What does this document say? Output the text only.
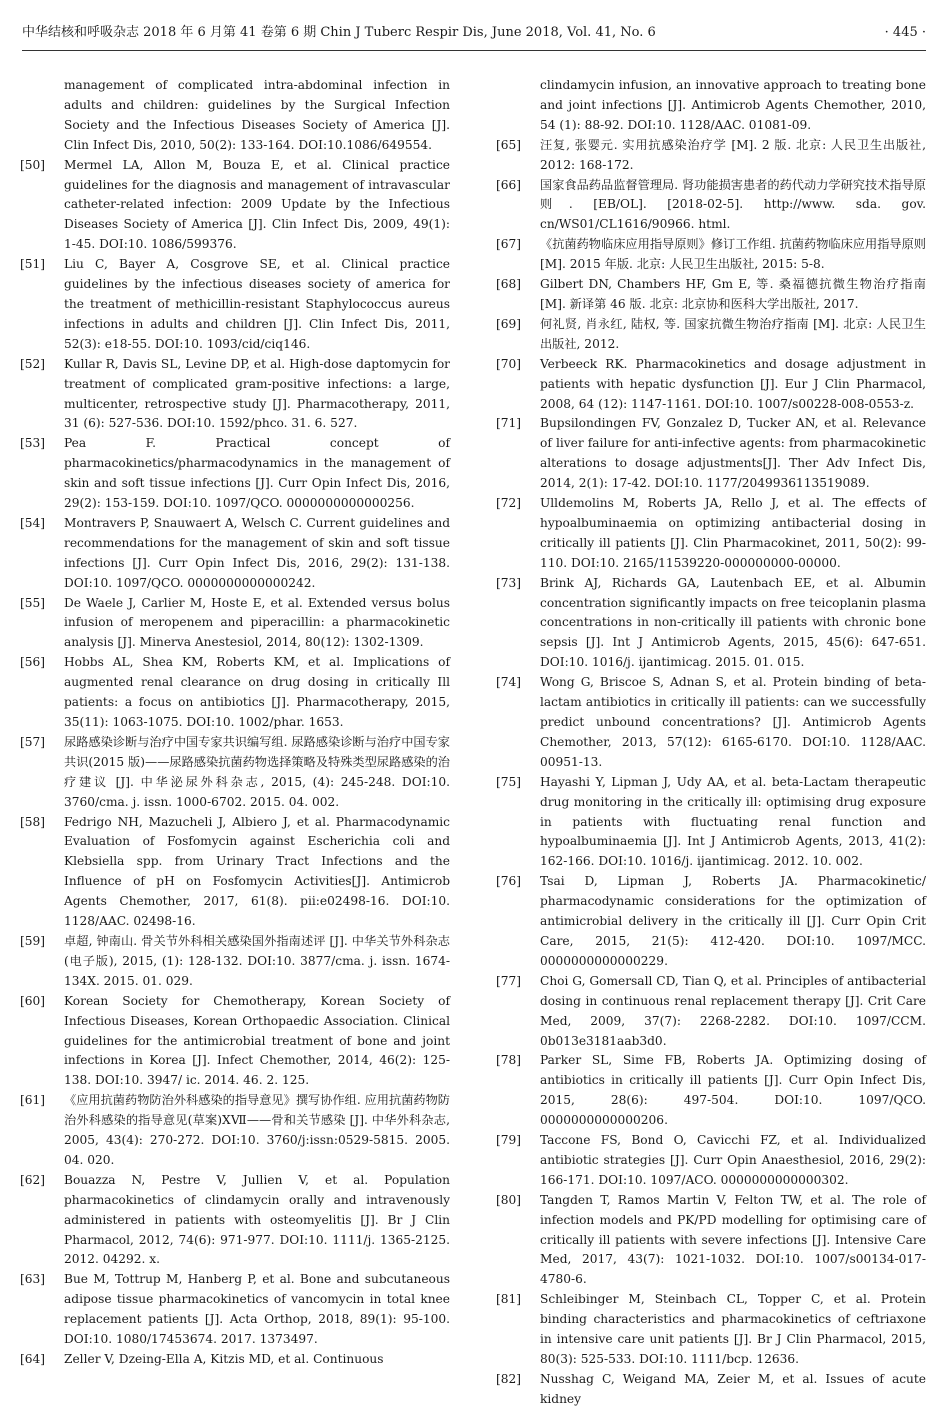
中华结核和呼吸杂志 2018 年 6 月第 41 卷第 6 期 Chin J Tuberc Respir Dis, June 2018, Vol. 41, No. 6	· 445 ·

management of complicated intra-abdominal infection in adults and children: guidelines by the Surgical Infection Society and the Infectious Diseases Society of America [J]. Clin Infect Dis, 2010, 50(2): 133-164. DOI:10.1086/649554.

[50]	Mermel LA, Allon M, Bouza E, et al. Clinical practice guidelines for the diagnosis and management of intravascular catheter-related infection: 2009 Update by the Infectious Diseases Society of America [J]. Clin Infect Dis, 2009, 49(1): 1-45. DOI:10. 1086/599376.

[51]	Liu C, Bayer A, Cosgrove SE, et al. Clinical practice guidelines by the infectious diseases society of america for the treatment of methicillin-resistant Staphylococcus aureus infections in adults and children [J]. Clin Infect Dis, 2011, 52(3): e18-55. DOI:10. 1093/cid/ciq146.

[52]	Kullar R, Davis SL, Levine DP, et al. High-dose daptomycin for treatment of complicated gram-positive infections: a large, multicenter, retrospective study [J]. Pharmacotherapy, 2011, 31 (6): 527-536. DOI:10. 1592/phco. 31. 6. 527.

[53]	Pea F. Practical concept of pharmacokinetics/pharmacodynamics in the management of skin and soft tissue infections [J]. Curr Opin Infect Dis, 2016, 29(2): 153-159. DOI:10. 1097/QCO. 0000000000000256.

[54]	Montravers P, Snauwaert A, Welsch C. Current guidelines and recommendations for the management of skin and soft tissue infections [J]. Curr Opin Infect Dis, 2016, 29(2): 131-138. DOI:10. 1097/QCO. 0000000000000242.

[55]	De Waele J, Carlier M, Hoste E, et al. Extended versus bolus infusion of meropenem and piperacillin: a pharmacokinetic analysis [J]. Minerva Anestesiol, 2014, 80(12): 1302-1309.

[56]	Hobbs AL, Shea KM, Roberts KM, et al. Implications of augmented renal clearance on drug dosing in critically Ill patients: a focus on antibiotics [J]. Pharmacotherapy, 2015, 35(11): 1063-1075. DOI:10. 1002/phar. 1653.

[57]	尿路感染诊断与治疗中国专家共识编写组. 尿路感染诊断与治疗中国专家共识(2015 版)——尿路感染抗菌药物选择策略及特殊类型尿路感染的治疗建议 [J]. 中华泌尿外科杂志, 2015, (4): 245-248. DOI:10. 3760/cma. j. issn. 1000-6702. 2015. 04. 002.

[58]	Fedrigo NH, Mazucheli J, Albiero J, et al. Pharmacodynamic Evaluation of Fosfomycin against Escherichia coli and Klebsiella spp. from Urinary Tract Infections and the Influence of pH on Fosfomycin Activities[J]. Antimicrob Agents Chemother, 2017, 61(8). pii:e02498-16. DOI:10. 1128/AAC. 02498-16.

[59]	卓超, 钟南山. 骨关节外科相关感染国外指南述评 [J]. 中华关节外科杂志(电子版), 2015, (1): 128-132. DOI:10. 3877/cma. j. issn. 1674-134X. 2015. 01. 029.

[60]	Korean Society for Chemotherapy, Korean Society of Infectious Diseases, Korean Orthopaedic Association. Clinical guidelines for the antimicrobial treatment of bone and joint infections in Korea [J]. Infect Chemother, 2014, 46(2): 125-138. DOI:10. 3947/ ic. 2014. 46. 2. 125.

[61]	《应用抗菌药物防治外科感染的指导意见》撰写协作组. 应用抗菌药物防治外科感染的指导意见(草案)XⅦ——骨和关节感染 [J]. 中华外科杂志, 2005, 43(4): 270-272. DOI:10. 3760/j:issn:0529-5815. 2005. 04. 020.

[62]	Bouazza N, Pestre V, Jullien V, et al. Population pharmacokinetics of clindamycin orally and intravenously administered in patients with osteomyelitis [J]. Br J Clin Pharmacol, 2012, 74(6): 971-977. DOI:10. 1111/j. 1365-2125. 2012. 04292. x.

[63]	Bue M, Tottrup M, Hanberg P, et al. Bone and subcutaneous adipose tissue pharmacokinetics of vancomycin in total knee replacement patients [J]. Acta Orthop, 2018, 89(1): 95-100. DOI:10. 1080/17453674. 2017. 1373497.

[64]	Zeller V, Dzeing-Ella A, Kitzis MD, et al. Continuous

clindamycin infusion, an innovative approach to treating bone and joint infections [J]. Antimicrob Agents Chemother, 2010, 54 (1): 88-92. DOI:10. 1128/AAC. 01081-09.

[65]	汪复, 张婴元. 实用抗感染治疗学 [M]. 2 版. 北京: 人民卫生出版社, 2012: 168-172.

[66]	国家食品药品监督管理局. 肾功能损害患者的药代动力学研究技术指导原则. [EB/OL]. [2018-02-5]. http://www. sda. gov. cn/WS01/CL1616/90966. html.

[67]	《抗菌药物临床应用指导原则》修订工作组. 抗菌药物临床应用指导原则 [M]. 2015 年版. 北京: 人民卫生出版社, 2015: 5-8.

[68]	Gilbert DN, Chambers HF, Gm E, 等. 桑福德抗微生物治疗指南 [M]. 新译第 46 版. 北京: 北京协和医科大学出版社, 2017.

[69]	何礼贤, 肖永红, 陆权, 等. 国家抗微生物治疗指南 [M]. 北京: 人民卫生出版社, 2012.

[70]	Verbeeck RK. Pharmacokinetics and dosage adjustment in patients with hepatic dysfunction [J]. Eur J Clin Pharmacol, 2008, 64 (12): 1147-1161. DOI:10. 1007/s00228-008-0553-z.

[71]	Bupsilondingen FV, Gonzalez D, Tucker AN, et al. Relevance of liver failure for anti-infective agents: from pharmacokinetic alterations to dosage adjustments[J]. Ther Adv Infect Dis, 2014, 2(1): 17-42. DOI:10. 1177/2049936113519089.

[72]	Ulldemolins M, Roberts JA, Rello J, et al. The effects of hypoalbuminaemia on optimizing antibacterial dosing in critically ill patients [J]. Clin Pharmacokinet, 2011, 50(2): 99-110. DOI:10. 2165/11539220-000000000-00000.

[73]	Brink AJ, Richards GA, Lautenbach EE, et al. Albumin concentration significantly impacts on free teicoplanin plasma concentrations in non-critically ill patients with chronic bone sepsis [J]. Int J Antimicrob Agents, 2015, 45(6): 647-651. DOI:10. 1016/j. ijantimicag. 2015. 01. 015.

[74]	Wong G, Briscoe S, Adnan S, et al. Protein binding of beta-lactam antibiotics in critically ill patients: can we successfully predict unbound concentrations? [J]. Antimicrob Agents Chemother, 2013, 57(12): 6165-6170. DOI:10. 1128/AAC. 00951-13.

[75]	Hayashi Y, Lipman J, Udy AA, et al. beta-Lactam therapeutic drug monitoring in the critically ill: optimising drug exposure in patients with fluctuating renal function and hypoalbuminaemia [J]. Int J Antimicrob Agents, 2013, 41(2): 162-166. DOI:10. 1016/j. ijantimicag. 2012. 10. 002.

[76]	Tsai D, Lipman J, Roberts JA. Pharmacokinetic/ pharmacodynamic considerations for the optimization of antimicrobial delivery in the critically ill [J]. Curr Opin Crit Care, 2015, 21(5): 412-420. DOI:10. 1097/MCC. 0000000000000229.

[77]	Choi G, Gomersall CD, Tian Q, et al. Principles of antibacterial dosing in continuous renal replacement therapy [J]. Crit Care Med, 2009, 37(7): 2268-2282. DOI:10. 1097/CCM. 0b013e3181aab3d0.

[78]	Parker SL, Sime FB, Roberts JA. Optimizing dosing of antibiotics in critically ill patients [J]. Curr Opin Infect Dis, 2015, 28(6): 497-504. DOI:10. 1097/QCO. 0000000000000206.

[79]	Taccone FS, Bond O, Cavicchi FZ, et al. Individualized antibiotic strategies [J]. Curr Opin Anaesthesiol, 2016, 29(2): 166-171. DOI:10. 1097/ACO. 0000000000000302.

[80]	Tangden T, Ramos Martin V, Felton TW, et al. The role of infection models and PK/PD modelling for optimising care of critically ill patients with severe infections [J]. Intensive Care Med, 2017, 43(7): 1021-1032. DOI:10. 1007/s00134-017-4780-6.

[81]	Schleibinger M, Steinbach CL, Topper C, et al. Protein binding characteristics and pharmacokinetics of ceftriaxone in intensive care unit patients [J]. Br J Clin Pharmacol, 2015, 80(3): 525-533. DOI:10. 1111/bcp. 12636.

[82]	Nusshag C, Weigand MA, Zeier M, et al. Issues of acute kidney
